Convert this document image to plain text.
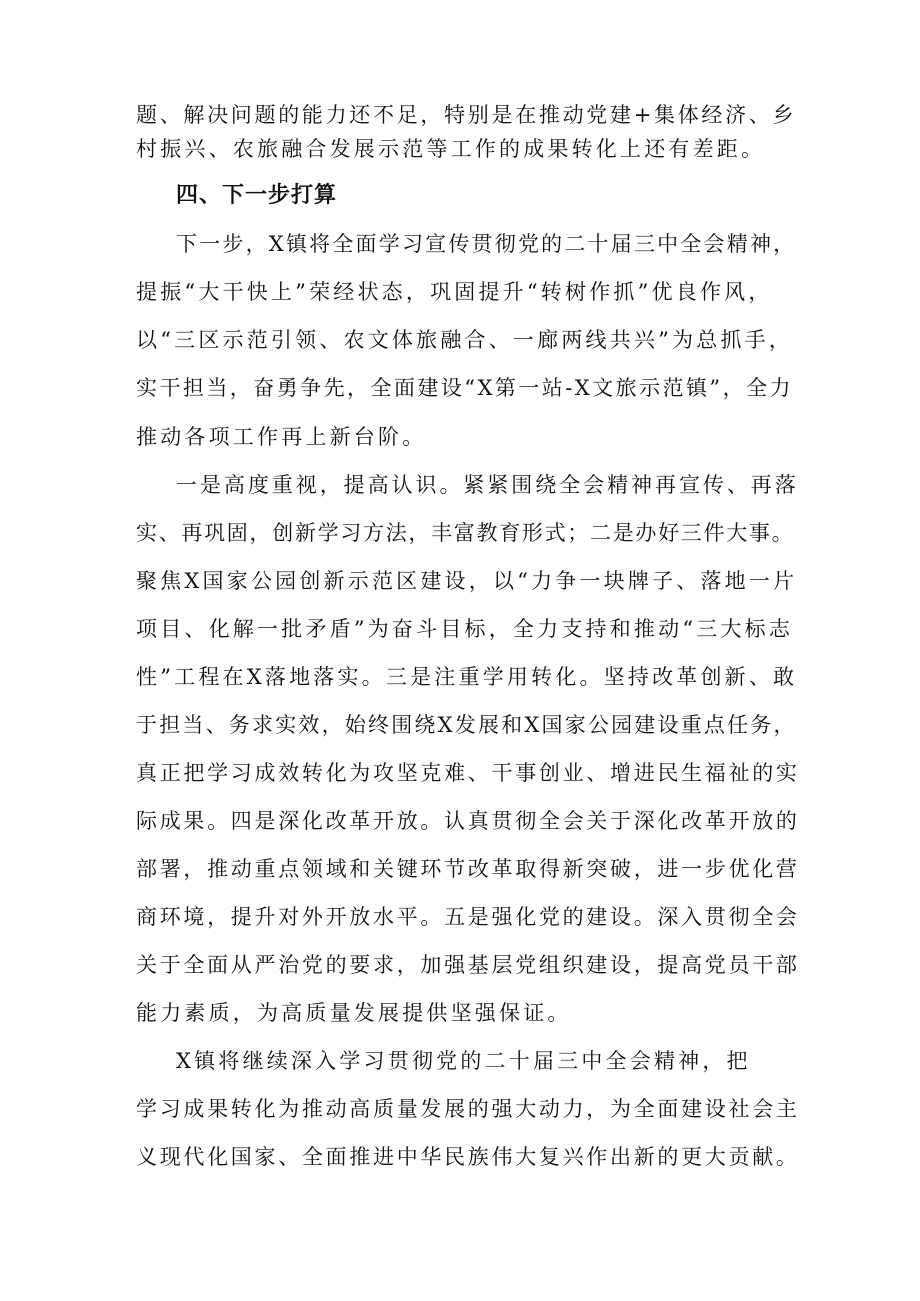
题、解决问题的能力还不足，特别是在推动党建+集体经济、乡
村振兴、农旅融合发展示范等工作的成果转化上还有差距。
四、下一步打算
下一步，X镇将全面学习宣传贯彻党的二十届三中全会精神，
提振“大干快上”荣经状态，巩固提升“转树作抓”优良作风，
以“三区示范引领、农文体旅融合、一廊两线共兴”为总抓手，
实干担当，奋勇争先，全面建设“X第一站-X文旅示范镇”，全力
推动各项工作再上新台阶。
一是高度重视，提高认识。紧紧围绕全会精神再宣传、再落
实、再巩固，创新学习方法，丰富教育形式；二是办好三件大事。
聚焦X国家公园创新示范区建设，以“力争一块牌子、落地一片
项目、化解一批矛盾”为奋斗目标，全力支持和推动“三大标志
性”工程在X落地落实。三是注重学用转化。坚持改革创新、敢
于担当、务求实效，始终围绕X发展和X国家公园建设重点任务，
真正把学习成效转化为攻坚克难、干事创业、增进民生福祉的实
际成果。四是深化改革开放。认真贯彻全会关于深化改革开放的
部署，推动重点领域和关键环节改革取得新突破，进一步优化营
商环境，提升对外开放水平。五是强化党的建设。深入贯彻全会
关于全面从严治党的要求，加强基层党组织建设，提高党员干部
能力素质，为高质量发展提供坚强保证。
X镇将继续深入学习贯彻党的二十届三中全会精神，把
学习成果转化为推动高质量发展的强大动力，为全面建设社会主
义现代化国家、全面推进中华民族伟大复兴作出新的更大贡献。
